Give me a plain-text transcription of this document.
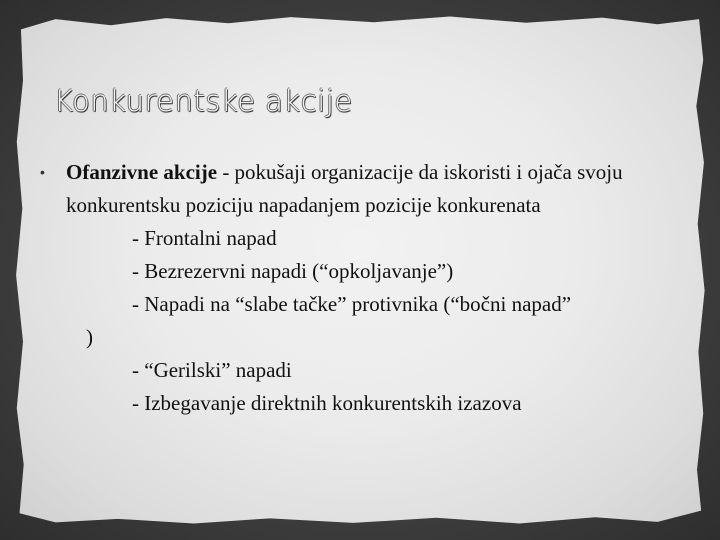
Konkurentske akcije
• Ofanzivne akcije - pokušaji organizacije da iskoristi i ojača svoju konkurentsku poziciju napadanjem pozicije konkurenata
- Frontalni napad
- Bezrezervni napadi (“opkoljavanje”)
- Napadi na “slabe tačke” protivnika (“bočni napad”
)
- “Gerilski” napadi
- Izbegavanje direktnih konkurentskih izazova
